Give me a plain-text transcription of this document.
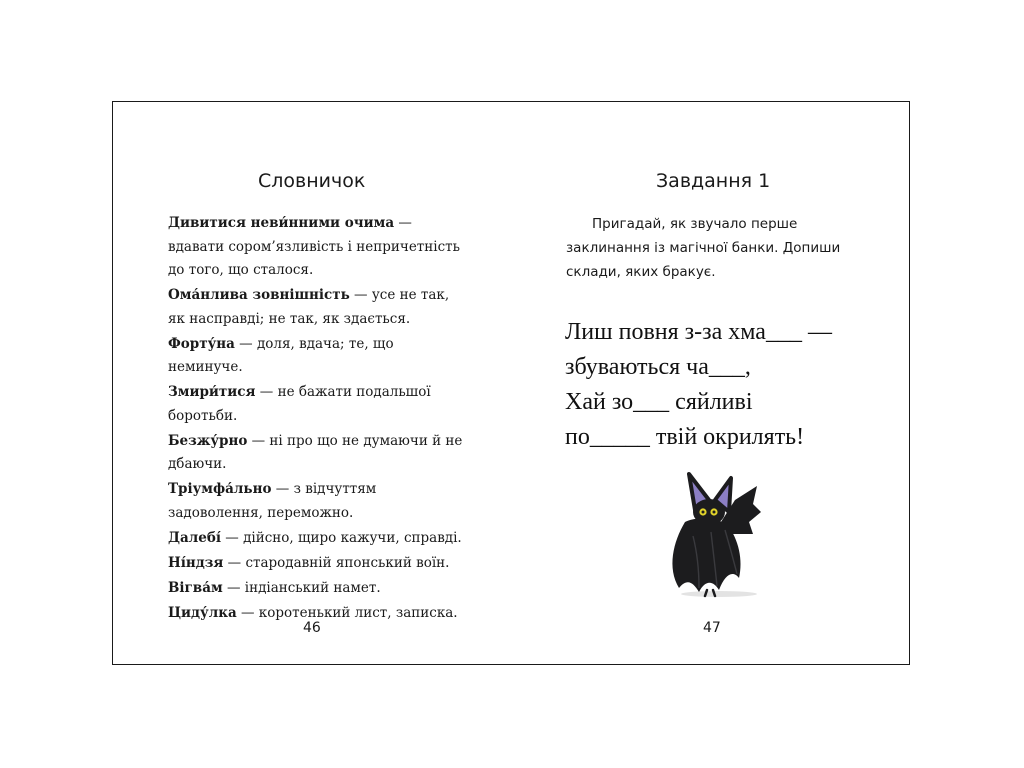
Словничок
Дивитися неви́нними очима — вдавати сором’язливість і непричетність до того, що сталося.
Ома́нлива зовнішність — усе не так, як насправді; не так, як здається.
Форту́на — доля, вдача; те, що неминуче.
Змири́тися — не бажати подальшої боротьби.
Безжу́рно — ні про що не думаючи й не дбаючи.
Тріумфа́льно — з відчуттям задоволення, переможно.
Далебі́ — дійсно, щиро кажучи, справді.
Ні́ндзя — стародавній японський воїн.
Вігва́м — індіанський намет.
Циду́лка — коротенький лист, записка.
46
Завдання 1

Пригадай, як звучало перше заклинання із магічної банки. Допиши склади, яких бракує.

Лиш повня з-за хма___ —
збуваються ча___,
Хай зо___ сяйливі
по_____ твій окрилять!
47
